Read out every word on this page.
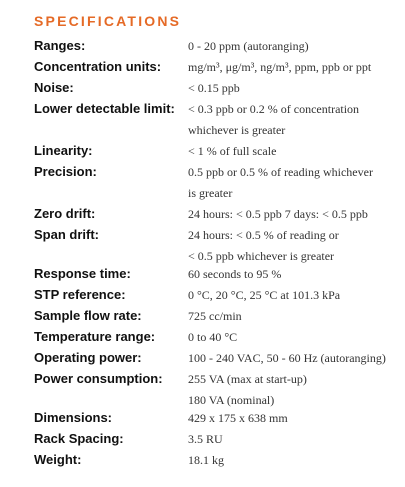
SPECIFICATIONS
Ranges:	0 - 20 ppm (autoranging)
Concentration units: mg/m³, μg/m³, ng/m³, ppm, ppb or ppt
Noise:	< 0.15 ppb
Lower detectable limit: < 0.3 ppb or 0.2 % of concentration
whichever is greater
Linearity:	< 1 % of full scale
Precision:	0.5 ppb or 0.5 % of reading whichever
is greater
Zero drift:	24 hours: < 0.5 ppb 7 days: < 0.5 ppb
Span drift:	24 hours: < 0.5 % of reading or
< 0.5 ppb whichever is greater
Response time:	60 seconds to 95 %
STP reference:	0 °C, 20 °C, 25 °C at 101.3 kPa
Sample flow rate:	725 cc/min
Temperature range:	0 to 40 °C
Operating power:	100 - 240 VAC, 50 - 60 Hz (autoranging)
Power consumption: 255 VA (max at start-up)
180 VA (nominal)
Dimensions:	429 x 175 x 638 mm
Rack Spacing:	3.5 RU
Weight:	18.1 kg
